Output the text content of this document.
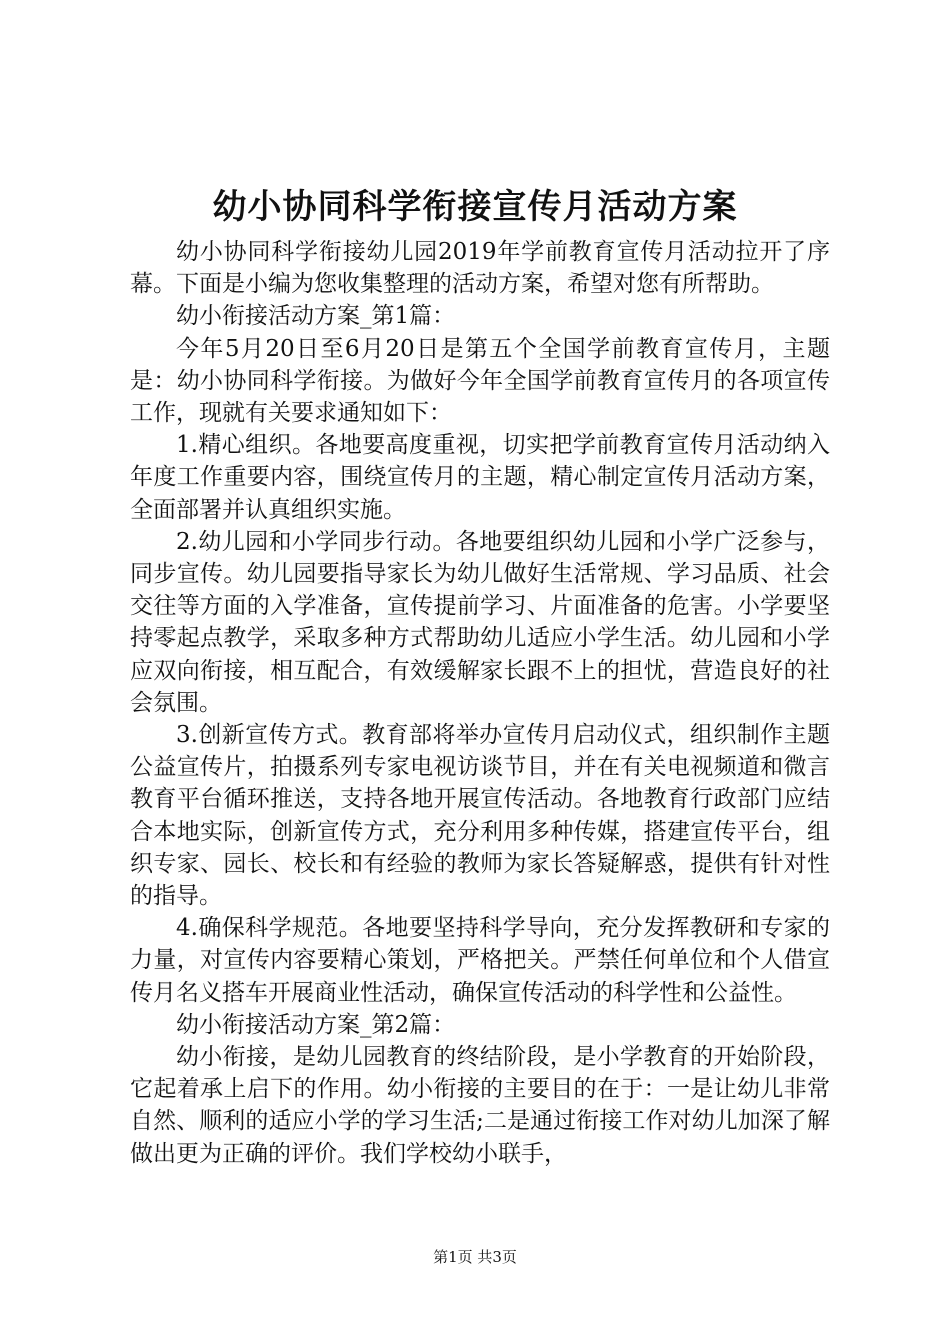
幼小协同科学衔接宣传月活动方案

幼小协同科学衔接幼儿园2019年学前教育宣传月活动拉开了序幕。下面是小编为您收集整理的活动方案，希望对您有所帮助。

幼小衔接活动方案_第1篇：

今年5月20日至6月20日是第五个全国学前教育宣传月，主题是：幼小协同科学衔接。为做好今年全国学前教育宣传月的各项宣传工作，现就有关要求通知如下：

1.精心组织。各地要高度重视，切实把学前教育宣传月活动纳入年度工作重要内容，围绕宣传月的主题，精心制定宣传月活动方案，全面部署并认真组织实施。

2.幼儿园和小学同步行动。各地要组织幼儿园和小学广泛参与，同步宣传。幼儿园要指导家长为幼儿做好生活常规、学习品质、社会交往等方面的入学准备，宣传提前学习、片面准备的危害。小学要坚持零起点教学，采取多种方式帮助幼儿适应小学生活。幼儿园和小学应双向衔接，相互配合，有效缓解家长跟不上的担忧，营造良好的社会氛围。

3.创新宣传方式。教育部将举办宣传月启动仪式，组织制作主题公益宣传片，拍摄系列专家电视访谈节目，并在有关电视频道和微言教育平台循环推送，支持各地开展宣传活动。各地教育行政部门应结合本地实际，创新宣传方式，充分利用多种传媒，搭建宣传平台，组织专家、园长、校长和有经验的教师为家长答疑解惑，提供有针对性的指导。

4.确保科学规范。各地要坚持科学导向，充分发挥教研和专家的力量，对宣传内容要精心策划，严格把关。严禁任何单位和个人借宣传月名义搭车开展商业性活动，确保宣传活动的科学性和公益性。

幼小衔接活动方案_第2篇：

幼小衔接，是幼儿园教育的终结阶段，是小学教育的开始阶段，它起着承上启下的作用。幼小衔接的主要目的在于：一是让幼儿非常自然、顺利的适应小学的学习生活;二是通过衔接工作对幼儿加深了解做出更为正确的评价。我们学校幼小联手，

第1页 共3页
